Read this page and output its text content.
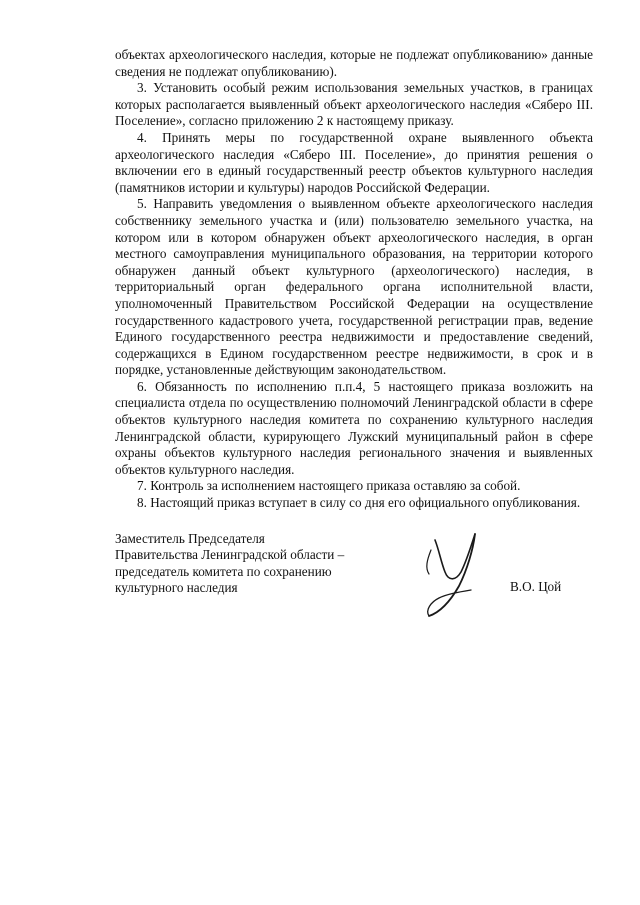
объектах археологического наследия, которые не подлежат опубликованию» данные сведения не подлежат опубликованию).

3. Установить особый режим использования земельных участков, в границах которых располагается выявленный объект археологического наследия «Сяберо III. Поселение», согласно приложению 2 к настоящему приказу.

4. Принять меры по государственной охране выявленного объекта археологического наследия «Сяберо III. Поселение», до принятия решения о включении его в единый государственный реестр объектов культурного наследия (памятников истории и культуры) народов Российской Федерации.

5. Направить уведомления о выявленном объекте археологического наследия собственнику земельного участка и (или) пользователю земельного участка, на котором или в котором обнаружен объект археологического наследия, в орган местного самоуправления муниципального образования, на территории которого обнаружен данный объект культурного (археологического) наследия, в территориальный орган федерального органа исполнительной власти, уполномоченный Правительством Российской Федерации на осуществление государственного кадастрового учета, государственной регистрации прав, ведение Единого государственного реестра недвижимости и предоставление сведений, содержащихся в Едином государственном реестре недвижимости, в срок и в порядке, установленные действующим законодательством.

6. Обязанность по исполнению п.п.4, 5 настоящего приказа возложить на специалиста отдела по осуществлению полномочий Ленинградской области в сфере объектов культурного наследия комитета по сохранению культурного наследия Ленинградской области, курирующего Лужский муниципальный район в сфере охраны объектов культурного наследия регионального значения и выявленных объектов культурного наследия.

7. Контроль за исполнением настоящего приказа оставляю за собой.

8. Настоящий приказ вступает в силу со дня его официального опубликования.

Заместитель Председателя
Правительства Ленинградской области –
председатель комитета по сохранению
культурного наследия	В.О. Цой
